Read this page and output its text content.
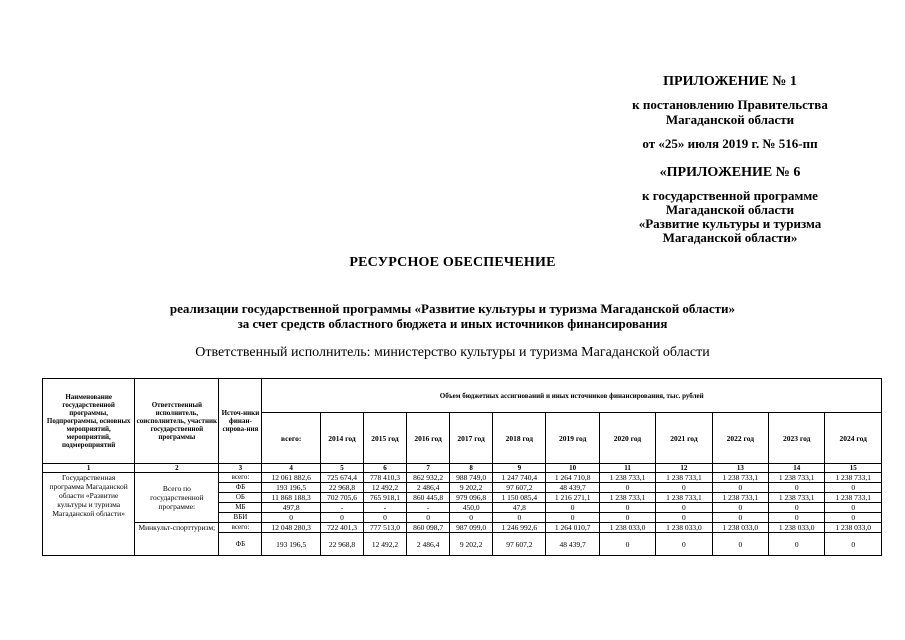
ПРИЛОЖЕНИЕ № 1
к постановлению Правительства
Магаданской области
от «25» июля 2019 г. № 516-пп
«ПРИЛОЖЕНИЕ № 6
к государственной программе
Магаданской области
«Развитие культуры и туризма
Магаданской области»
РЕСУРСНОЕ ОБЕСПЕЧЕНИЕ
реализации государственной программы «Развитие культуры и туризма Магаданской области»
за счет средств областного бюджета и иных источников финансирования
Ответственный исполнитель: министерство культуры и туризма Магаданской области
Наименование государственной программы, Подпрограммы, основных мероприятий, мероприятий, подмероприятий	Ответственный исполнитель, соисполнитель, участник государственной программы	Источ-ники финан-сирова-ния	Объем бюджетных ассигнований и иных источников финансирования, тыс. рублей											
			всего:	2014 год	2015 год	2016 год	2017 год	2018 год	2019 год	2020 год	2021 год	2022 год	2023 год	2024 год
1	2	3	4	5	6	7	8	9	10	11	12	13	14	15
Государственная программа Магаданской области «Развитие культуры и туризма Магаданской области»	Всего по государственной программе:	всего:	12 061 882,6	725 674,4	778 410,3	862 932,2	988 749,0	1 247 740,4	1 264 710,8	1 238 733,1	1 238 733,1	1 238 733,1	1 238 733,1	1 238 733,1
		ФБ	193 196,5	22 968,8	12 492,2	2 486,4	9 202,2	97 607,2	48 439,7	0	0	0	0	0
		ОБ	11 868 188,3	702 705,6	765 918,1	860 445,8	979 096,8	1 150 085,4	1 216 271,1	1 238 733,1	1 238 733,1	1 238 733,1	1 238 733,1	1 238 733,1
		МБ	497,8	-	-	-	450,0	47,8	0	0	0	0	0	0
		ВБИ	0	0	0	0	0	0	0	0	0	0	0	0
	Минкульт-спорттуризм;	всего:	12 048 280,3	722 401,3	777 513,0	860 098,7	987 099,0	1 246 992,6	1 264 010,7	1 238 033,0	1 238 033,0	1 238 033,0	1 238 033,0	1 238 033,0
		ФБ	193 196,5	22 968,8	12 492,2	2 486,4	9 202,2	97 607,2	48 439,7	0	0	0	0	0
